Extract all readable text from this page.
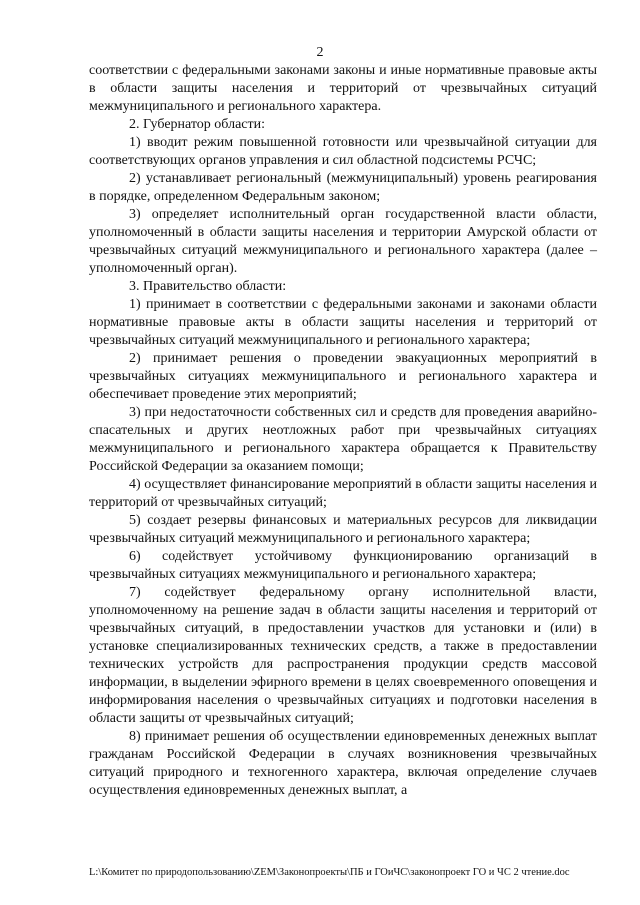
2

соответствии с федеральными законами законы и иные нормативные правовые акты в области защиты населения и территорий от чрезвычайных ситуаций межмуниципального и регионального характера.

2. Губернатор области:

1) вводит режим повышенной готовности или чрезвычайной ситуации для соответствующих органов управления и сил областной подсистемы РСЧС;

2) устанавливает региональный (межмуниципальный) уровень реагирования в порядке, определенном Федеральным законом;

3) определяет исполнительный орган государственной власти области, уполномоченный в области защиты населения и территории Амурской области от чрезвычайных ситуаций межмуниципального и регионального характера (далее – уполномоченный орган).

3. Правительство области:

1) принимает в соответствии с федеральными законами и законами области нормативные правовые акты в области защиты населения и территорий от чрезвычайных ситуаций межмуниципального и регионального характера;

2) принимает решения о проведении эвакуационных мероприятий в чрезвычайных ситуациях межмуниципального и регионального характера и обеспечивает проведение этих мероприятий;

3) при недостаточности собственных сил и средств для проведения аварийно-спасательных и других неотложных работ при чрезвычайных ситуациях межмуниципального и регионального характера обращается к Правительству Российской Федерации за оказанием помощи;

4) осуществляет финансирование мероприятий в области защиты населения и территорий от чрезвычайных ситуаций;

5) создает резервы финансовых и материальных ресурсов для ликвидации чрезвычайных ситуаций межмуниципального и регионального характера;

6) содействует устойчивому функционированию организаций в чрезвычайных ситуациях межмуниципального и регионального характера;

7) содействует федеральному органу исполнительной власти, уполномоченному на решение задач в области защиты населения и территорий от чрезвычайных ситуаций, в предоставлении участков для установки и (или) в установке специализированных технических средств, а также в предоставлении технических устройств для распространения продукции средств массовой информации, в выделении эфирного времени в целях своевременного оповещения и информирования населения о чрезвычайных ситуациях и подготовки населения в области защиты от чрезвычайных ситуаций;

8) принимает решения об осуществлении единовременных денежных выплат гражданам Российской Федерации в случаях возникновения чрезвычайных ситуаций природного и техногенного характера, включая определение случаев осуществления единовременных денежных выплат, а

L:\Комитет по природопользованию\ZEM\Законопроекты\ПБ и ГОиЧС\законопроект ГО и ЧС 2 чтение.doc
